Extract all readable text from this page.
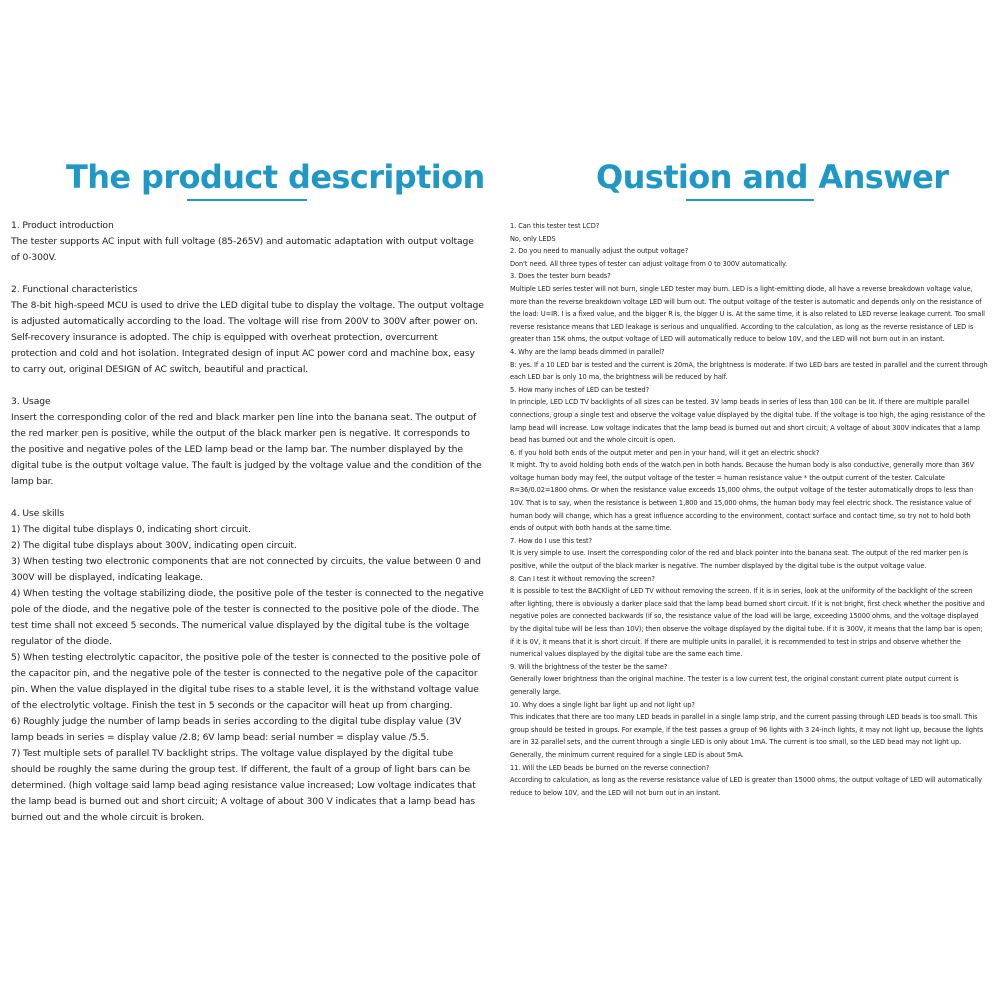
The product description

1. Product introduction

The tester supports AC input with full voltage (85-265V) and automatic adaptation with output voltage of 0-300V.

2. Functional characteristics

The 8-bit high-speed MCU is used to drive the LED digital tube to display the voltage. The output voltage is adjusted automatically according to the load. The voltage will rise from 200V to 300V after power on. Self-recovery insurance is adopted. The chip is equipped with overheat protection, overcurrent protection and cold and hot isolation. Integrated design of input AC power cord and machine box, easy to carry out, original DESIGN of AC switch, beautiful and practical.

3. Usage

Insert the corresponding color of the red and black marker pen line into the banana seat. The output of the red marker pen is positive, while the output of the black marker pen is negative. It corresponds to the positive and negative poles of the LED lamp bead or the lamp bar. The number displayed by the digital tube is the output voltage value. The fault is judged by the voltage value and the condition of the lamp bar.

4. Use skills

1) The digital tube displays 0, indicating short circuit.

2) The digital tube displays about 300V, indicating open circuit.

3) When testing two electronic components that are not connected by circuits, the value between 0 and 300V will be displayed, indicating leakage.

4) When testing the voltage stabilizing diode, the positive pole of the tester is connected to the negative pole of the diode, and the negative pole of the tester is connected to the positive pole of the diode. The test time shall not exceed 5 seconds. The numerical value displayed by the digital tube is the voltage regulator of the diode.

5) When testing electrolytic capacitor, the positive pole of the tester is connected to the positive pole of the capacitor pin, and the negative pole of the tester is connected to the negative pole of the capacitor pin. When the value displayed in the digital tube rises to a stable level, it is the withstand voltage value of the electrolytic voltage. Finish the test in 5 seconds or the capacitor will heat up from charging.

6) Roughly judge the number of lamp beads in series according to the digital tube display value (3V lamp beads in series = display value /2.8; 6V lamp bead: serial number = display value /5.5.

7) Test multiple sets of parallel TV backlight strips. The voltage value displayed by the digital tube should be roughly the same during the group test. If different, the fault of a group of light bars can be determined. (high voltage said lamp bead aging resistance value increased; Low voltage indicates that the lamp bead is burned out and short circuit; A voltage of about 300 V indicates that a lamp bead has burned out and the whole circuit is broken.

Qustion and Answer

1. Can this tester test LCD?

No, only LEDS

2. Do you need to manually adjust the output voltage?

Don't need. All three types of tester can adjust voltage from 0 to 300V automatically.

3. Does the tester burn beads?

Multiple LED series tester will not burn, single LED tester may burn. LED is a light-emitting diode, all have a reverse breakdown voltage value, more than the reverse breakdown voltage LED will burn out. The output voltage of the tester is automatic and depends only on the resistance of the load: U=IR. I is a fixed value, and the bigger R is, the bigger U is. At the same time, it is also related to LED reverse leakage current. Too small reverse resistance means that LED leakage is serious and unqualified. According to the calculation, as long as the reverse resistance of LED is greater than 15K ohms, the output voltage of LED will automatically reduce to below 10V, and the LED will not burn out in an instant.

4. Why are the lamp beads dimmed in parallel?

B: yes. If a 10 LED bar is tested and the current is 20mA, the brightness is moderate. If two LED bars are tested in parallel and the current through each LED bar is only 10 ma, the brightness will be reduced by half.

5. How many inches of LED can be tested?

In principle, LED LCD TV backlights of all sizes can be tested. 3V lamp beads in series of less than 100 can be lit. If there are multiple parallel connections, group a single test and observe the voltage value displayed by the digital tube. If the voltage is too high, the aging resistance of the lamp bead will increase. Low voltage indicates that the lamp bead is burned out and short circuit; A voltage of about 300V indicates that a lamp bead has burned out and the whole circuit is open.

6. If you hold both ends of the output meter and pen in your hand, will it get an electric shock?

It might. Try to avoid holding both ends of the watch pen in both hands. Because the human body is also conductive, generally more than 36V voltage human body may feel, the output voltage of the tester = human resistance value * the output current of the tester. Calculate R=36/0.02=1800 ohms. Or when the resistance value exceeds 15,000 ohms, the output voltage of the tester automatically drops to less than 10V. That is to say, when the resistance is between 1,800 and 15,000 ohms, the human body may feel electric shock. The resistance value of human body will change, which has a great influence according to the environment, contact surface and contact time, so try not to hold both ends of output with both hands at the same time.

7. How do I use this test?

It is very simple to use. Insert the corresponding color of the red and black pointer into the banana seat. The output of the red marker pen is positive, while the output of the black marker is negative. The number displayed by the digital tube is the output voltage value.

8. Can I test it without removing the screen?

It is possible to test the BACKlight of LED TV without removing the screen. If it is in series, look at the uniformity of the backlight of the screen after lighting, there is obviously a darker place said that the lamp bead burned short circuit. If it is not bright, first check whether the positive and negative poles are connected backwards (if so, the resistance value of the load will be large, exceeding 15000 ohms, and the voltage displayed by the digital tube will be less than 10V); then observe the voltage displayed by the digital tube. If it is 300V, it means that the lamp bar is open; if it is 0V, it means that it is short circuit. If there are multiple units in parallel, it is recommended to test in strips and observe whether the numerical values displayed by the digital tube are the same each time.

9. Will the brightness of the tester be the same?

Generally lower brightness than the original machine. The tester is a low current test, the original constant current plate output current is generally large.

10. Why does a single light bar light up and not light up?

This indicates that there are too many LED beads in parallel in a single lamp strip, and the current passing through LED beads is too small. This group should be tested in groups. For example, if the test passes a group of 96 lights with 3 24-inch lights, it may not light up, because the lights are in 32 parallel sets, and the current through a single LED is only about 1mA. The current is too small, so the LED bead may not light up. Generally, the minimum current required for a single LED is about 5mA.

11. Will the LED beads be burned on the reverse connection?

According to calculation, as long as the reverse resistance value of LED is greater than 15000 ohms, the output voltage of LED will automatically reduce to below 10V, and the LED will not burn out in an instant.
